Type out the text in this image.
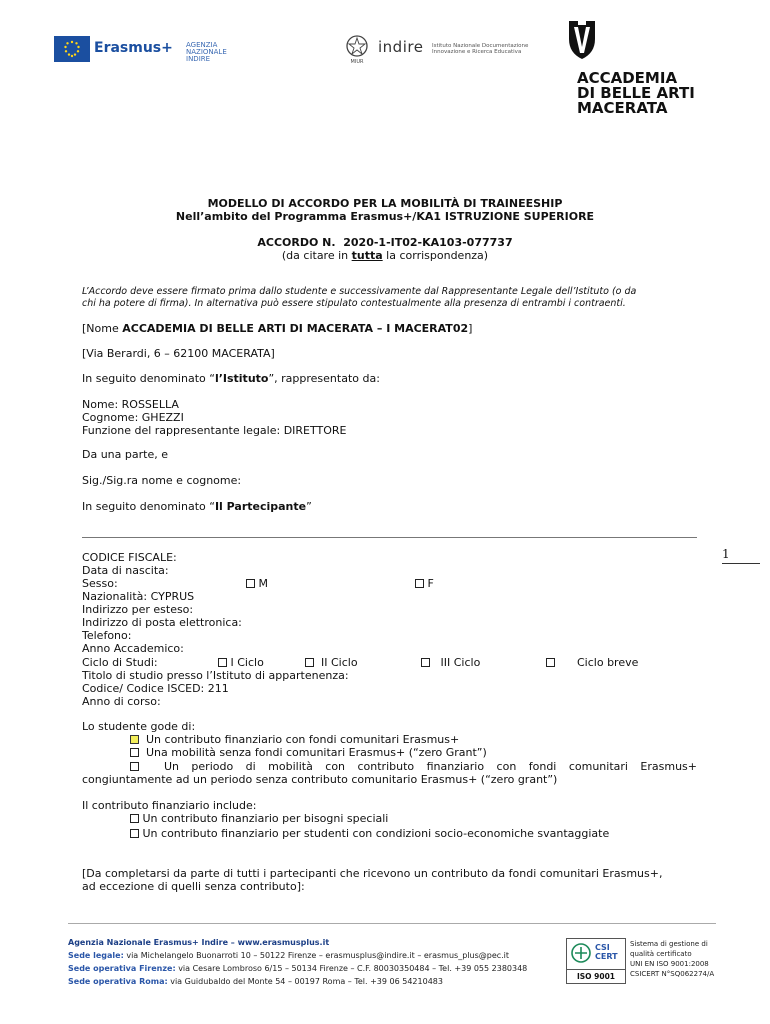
Erasmus+ AGENZIA
NAZIONALE
INDIRE	MIUR
indire Istituto Nazionale Documentazione
Innovazione e Ricerca Educativa
ACCADEMIA
DI BELLE ARTI
MACERATA
MODELLO DI ACCORDO PER LA MOBILITÀ DI TRAINEESHIP
Nell’ambito del Programma Erasmus+/KA1 ISTRUZIONE SUPERIORE
ACCORDO N. 2020-1-IT02-KA103-077737
(da citare in tutta la corrispondenza)
L’Accordo deve essere firmato prima dallo studente e successivamente dal Rappresentante Legale dell’Istituto (o da
chi ha potere di firma). In alternativa può essere stipulato contestualmente alla presenza di entrambi i contraenti.
[Nome ACCADEMIA DI BELLE ARTI DI MACERATA – I MACERAT02]
[Via Berardi, 6 – 62100 MACERATA]
In seguito denominato “l’Istituto”, rappresentato da:
Nome: ROSSELLA
Cognome: GHEZZI
Funzione del rappresentante legale: DIRETTORE
Da una parte, e
Sig./Sig.ra nome e cognome:
In seguito denominato “Il Partecipante”
1
CODICE FISCALE:
Data di nascita:
Sesso:	M	F
Nazionalità: CYPRUS
Indirizzo per esteso:
Indirizzo di posta elettronica:
Telefono:
Anno Accademico:
Ciclo di Studi:	I Ciclo	II Ciclo	III Ciclo	Ciclo breve
Titolo di studio presso l’Istituto di appartenenza:
Codice/ Codice ISCED: 211
Anno di corso:
Lo studente gode di:
Un contributo finanziario con fondi comunitari Erasmus+
Una mobilità senza fondi comunitari Erasmus+ (“zero Grant”)
Un periodo di mobilità con contributo finanziario con fondi comunitari Erasmus+
congiuntamente ad un periodo senza contributo comunitario Erasmus+ (“zero grant”)
Il contributo finanziario include:
Un contributo finanziario per bisogni speciali
Un contributo finanziario per studenti con condizioni socio-economiche svantaggiate
[Da completarsi da parte di tutti i partecipanti che ricevono un contributo da fondi comunitari Erasmus+,
ad eccezione di quelli senza contributo]:
Agenzia Nazionale Erasmus+ Indire – www.erasmusplus.it
Sede legale: via Michelangelo Buonarroti 10 – 50122 Firenze – erasmusplus@indire.it – erasmus_plus@pec.it
Sede operativa Firenze: via Cesare Lombroso 6/15 – 50134 Firenze – C.F. 80030350484 – Tel. +39 055 2380348
Sede operativa Roma: via Guidubaldo del Monte 54 – 00197 Roma – Tel. +39 06 54210483
CSI CERT
ISO 9001
Sistema di gestione di
qualità certificato
UNI EN ISO 9001:2008
CSICERT N°SQ062274/A
